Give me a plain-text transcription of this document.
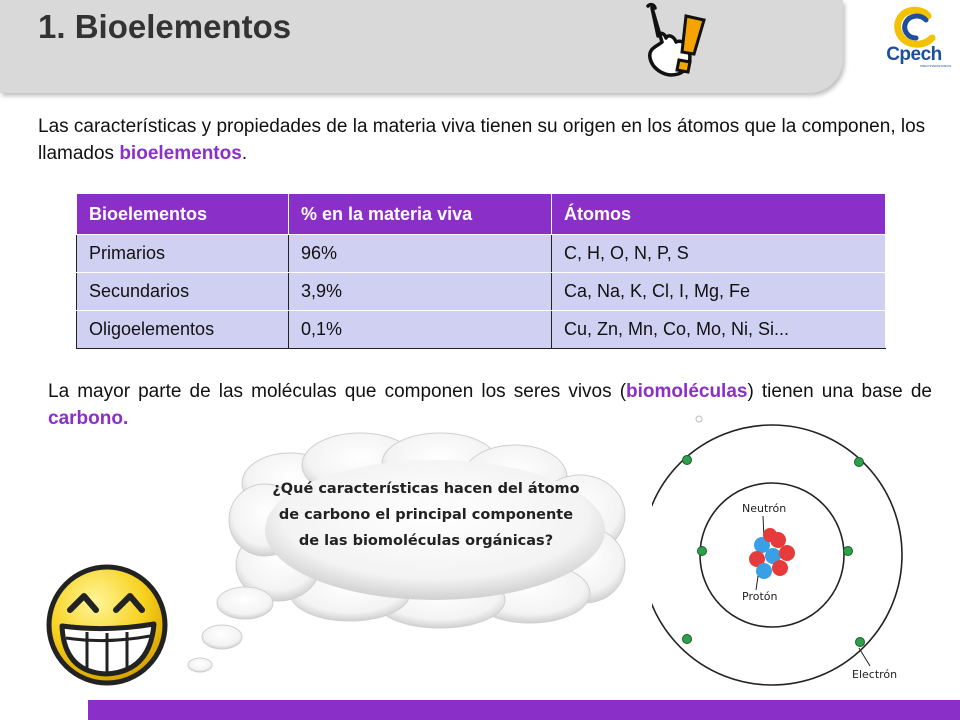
1. Bioelementos
Cpech
PREUNIVERSITARIOS
Las características y propiedades de la materia viva tienen su origen en los átomos que la componen, los llamados bioelementos.
Bioelementos	% en la materia viva	Átomos
Primarios	96%	C, H, O, N, P, S
Secundarios	3,9%	Ca, Na, K, Cl, I, Mg, Fe
Oligoelementos	0,1%	Cu, Zn, Mn, Co, Mo, Ni, Si...
La mayor parte de las moléculas que componen los seres vivos (biomoléculas) tienen una base de carbono.
¿Qué características hacen del átomo
de carbono el principal componente
de las biomoléculas orgánicas?
Neutrón
Protón
Electrón
